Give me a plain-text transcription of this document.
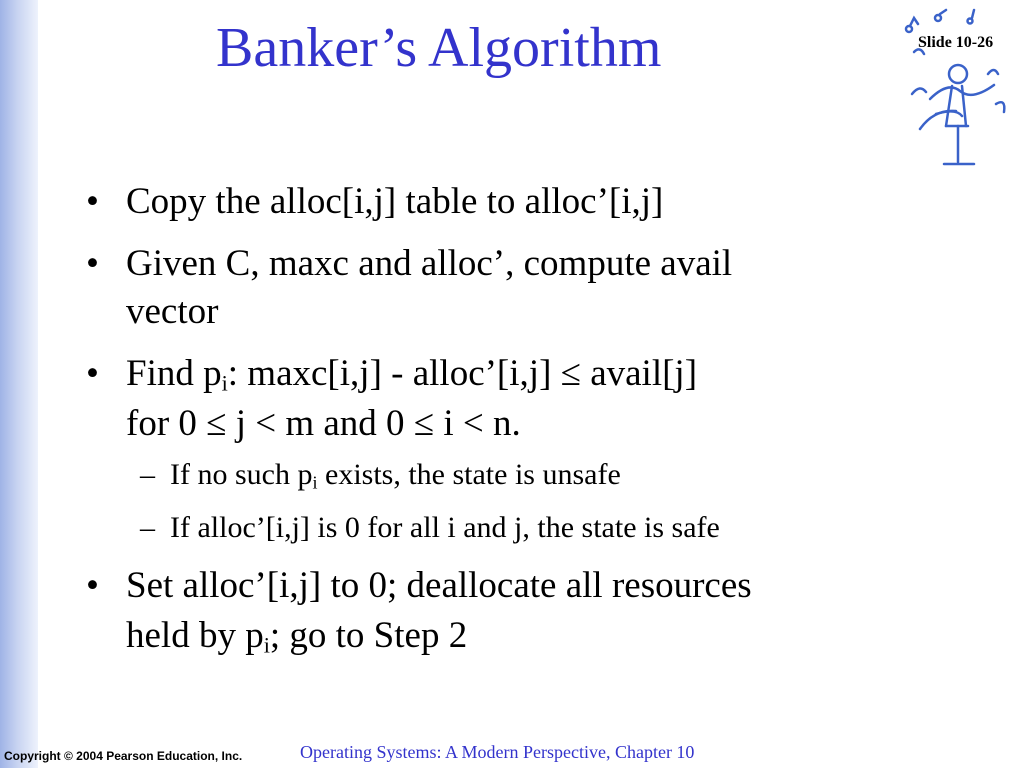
Banker’s Algorithm	Slide 10-26
• Copy the alloc[i,j] table to alloc’[i,j]
• Given C, maxc and alloc’, compute avail
vector
• Find $p_i$: maxc[i,j] - alloc’[i,j] ≤ avail[j]
for 0 ≤ j < m and 0 ≤ i < n.
– If no such $p_i$ exists, the state is unsafe
– If alloc’[i,j] is 0 for all i and j, the state is safe
• Set alloc’[i,j] to 0; deallocate all resources
held by $p_i$; go to Step 2
Copyright © 2004 Pearson Education, Inc.	Operating Systems: A Modern Perspective, Chapter 10
